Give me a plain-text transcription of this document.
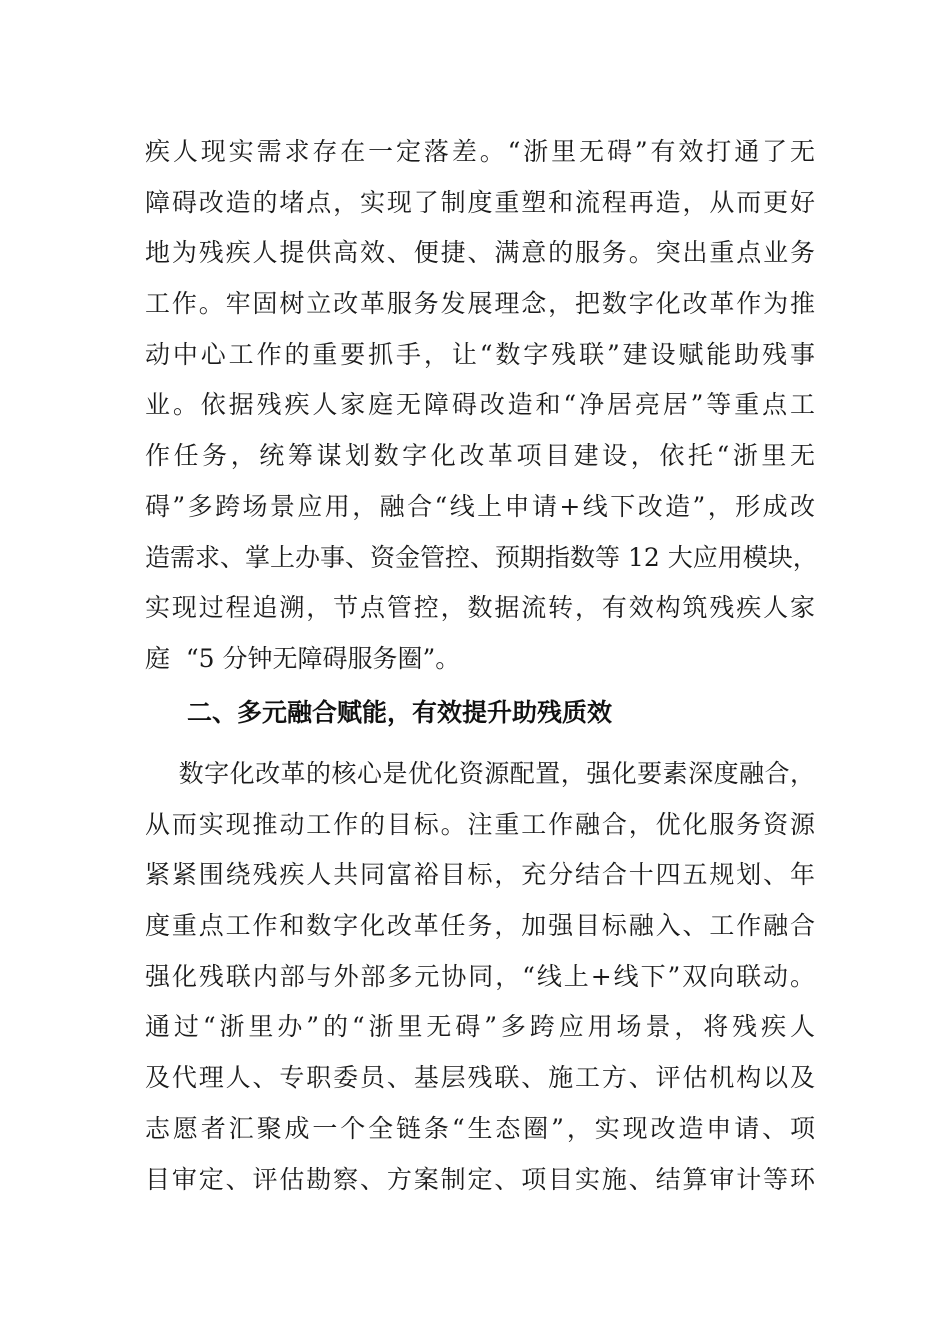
疾人现实需求存在一定落差。“浙里无碍”有效打通了无
障碍改造的堵点，实现了制度重塑和流程再造，从而更好
地为残疾人提供高效、便捷、满意的服务。突出重点业务
工作。牢固树立改革服务发展理念，把数字化改革作为推
动中心工作的重要抓手，让“数字残联”建设赋能助残事
业。依据残疾人家庭无障碍改造和“净居亮居”等重点工
作任务，统筹谋划数字化改革项目建设，依托“浙里无
碍”多跨场景应用，融合“线上申请+线下改造”，形成改
造需求、掌上办事、资金管控、预期指数等 12 大应用模块，
实现过程追溯，节点管控，数据流转，有效构筑残疾人家
庭  “5 分钟无障碍服务圈”。
二、多元融合赋能，有效提升助残质效
数字化改革的核心是优化资源配置，强化要素深度融合，
从而实现推动工作的目标。注重工作融合，优化服务资源
紧紧围绕残疾人共同富裕目标，充分结合十四五规划、年
度重点工作和数字化改革任务，加强目标融入、工作融合
强化残联内部与外部多元协同，“线上+线下”双向联动。
通过“浙里办”的“浙里无碍”多跨应用场景，将残疾人
及代理人、专职委员、基层残联、施工方、评估机构以及
志愿者汇聚成一个全链条“生态圈”，实现改造申请、项
目审定、评估勘察、方案制定、项目实施、结算审计等环
